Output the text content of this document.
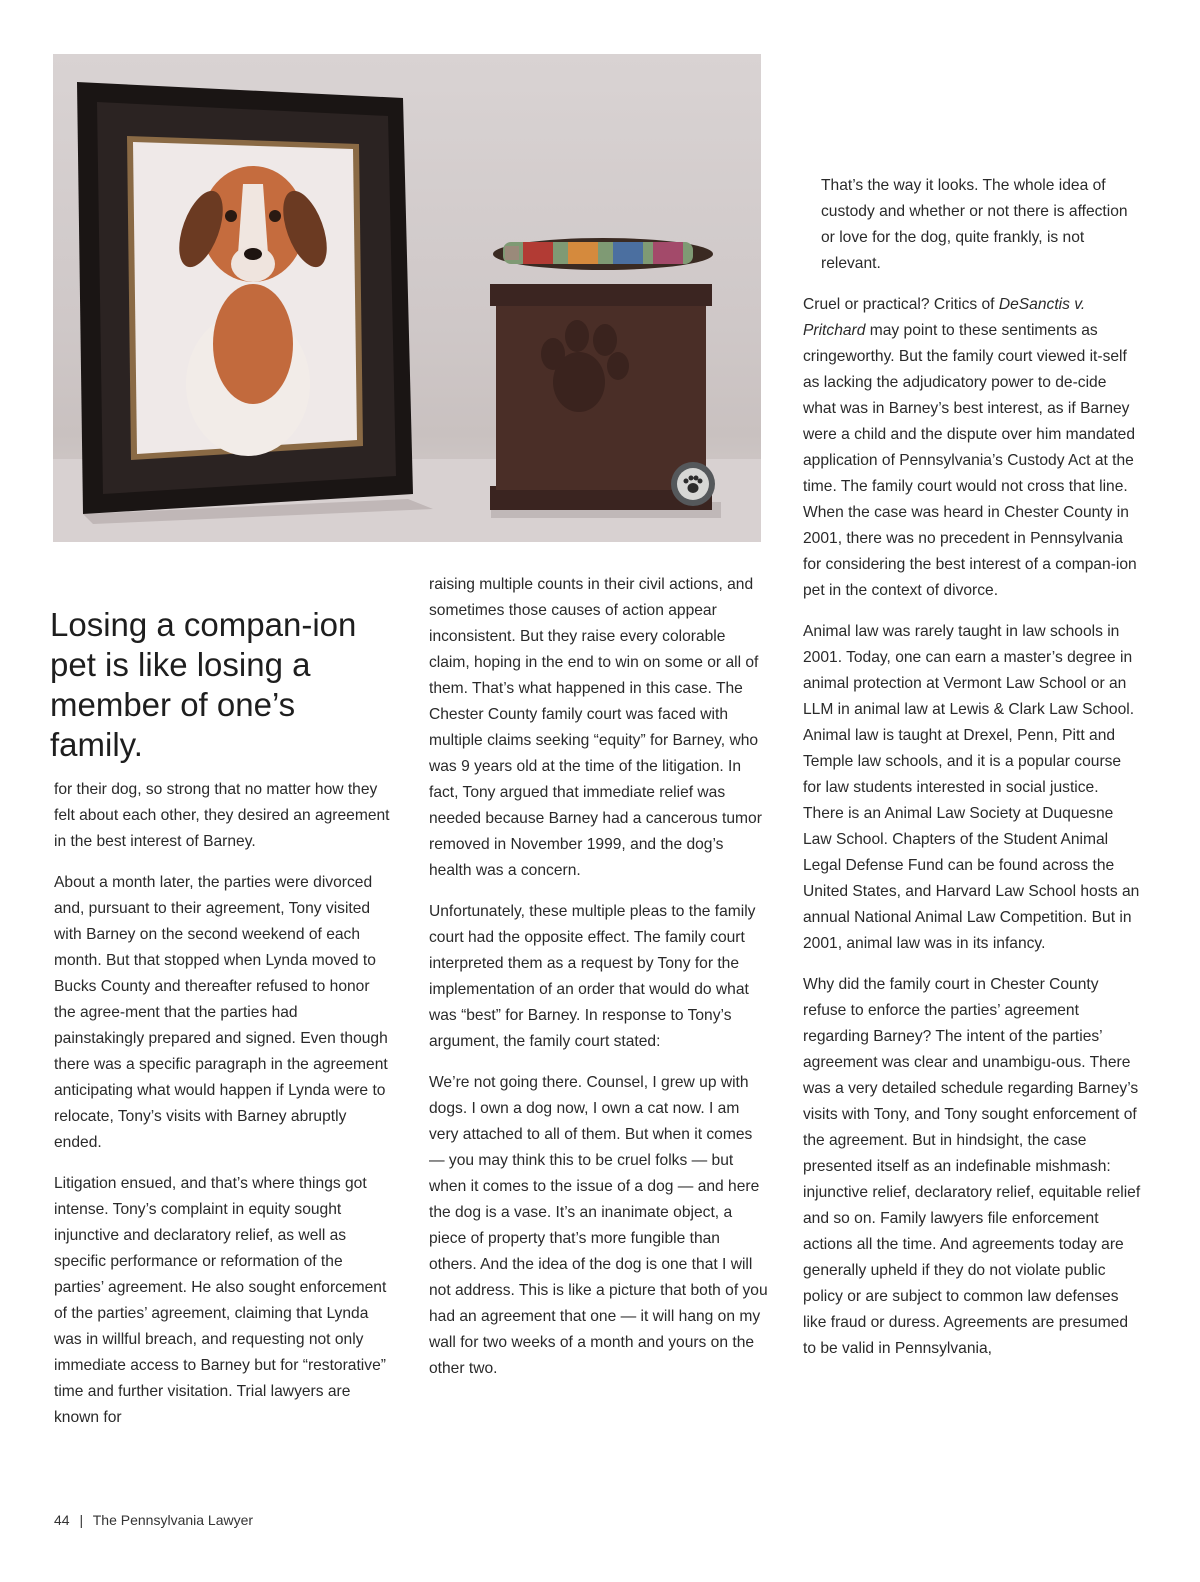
That’s the way it looks. The whole idea of custody and whether or not there is affection or love for the dog, quite frankly, is not relevant.
Losing a compan-ion pet is like losing a member of one’s family.

for their dog, so strong that no matter how they felt about each other, they desired an agreement in the best interest of Barney.

About a month later, the parties were divorced and, pursuant to their agreement, Tony visited with Barney on the second weekend of each month. But that stopped when Lynda moved to Bucks County and thereafter refused to honor the agree-ment that the parties had painstakingly prepared and signed. Even though there was a specific paragraph in the agreement anticipating what would happen if Lynda were to relocate, Tony’s visits with Barney abruptly ended.

Litigation ensued, and that’s where things got intense. Tony’s complaint in equity sought injunctive and declaratory relief, as well as specific performance or reformation of the parties’ agreement. He also sought enforcement of the parties’ agreement, claiming that Lynda was in willful breach, and requesting not only immediate access to Barney but for “restorative” time and further visitation. Trial lawyers are known for

raising multiple counts in their civil actions, and sometimes those causes of action appear inconsistent. But they raise every colorable claim, hoping in the end to win on some or all of them. That’s what happened in this case. The Chester County family court was faced with multiple claims seeking “equity” for Barney, who was 9 years old at the time of the litigation. In fact, Tony argued that immediate relief was needed because Barney had a cancerous tumor removed in November 1999, and the dog’s health was a concern.

Unfortunately, these multiple pleas to the family court had the opposite effect. The family court interpreted them as a request by Tony for the implementation of an order that would do what was “best” for Barney. In response to Tony’s argument, the family court stated:

We’re not going there. Counsel, I grew up with dogs. I own a dog now, I own a cat now. I am very attached to all of them. But when it comes — you may think this to be cruel folks — but when it comes to the issue of a dog — and here the dog is a vase. It’s an inanimate object, a piece of property that’s more fungible than others. And the idea of the dog is one that I will not address. This is like a picture that both of you had an agreement that one — it will hang on my wall for two weeks of a month and yours on the other two.

Cruel or practical? Critics of DeSanctis v. Pritchard may point to these sentiments as cringeworthy. But the family court viewed it-self as lacking the adjudicatory power to de-cide what was in Barney’s best interest, as if Barney were a child and the dispute over him mandated application of Pennsylvania’s Custody Act at the time. The family court would not cross that line. When the case was heard in Chester County in 2001, there was no precedent in Pennsylvania for considering the best interest of a compan-ion pet in the context of divorce.

Animal law was rarely taught in law schools in 2001. Today, one can earn a master’s degree in animal protection at Vermont Law School or an LLM in animal law at Lewis & Clark Law School. Animal law is taught at Drexel, Penn, Pitt and Temple law schools, and it is a popular course for law students interested in social justice. There is an Animal Law Society at Duquesne Law School. Chapters of the Student Animal Legal Defense Fund can be found across the United States, and Harvard Law School hosts an annual National Animal Law Competition. But in 2001, animal law was in its infancy.

Why did the family court in Chester County refuse to enforce the parties’ agreement regarding Barney? The intent of the parties’ agreement was clear and unambigu-ous. There was a very detailed schedule regarding Barney’s visits with Tony, and Tony sought enforcement of the agreement. But in hindsight, the case presented itself as an indefinable mishmash: injunctive relief, declaratory relief, equitable relief and so on. Family lawyers file enforcement actions all the time. And agreements today are generally upheld if they do not violate public policy or are subject to common law defenses like fraud or duress. Agreements are presumed to be valid in Pennsylvania,

44 | The Pennsylvania Lawyer
